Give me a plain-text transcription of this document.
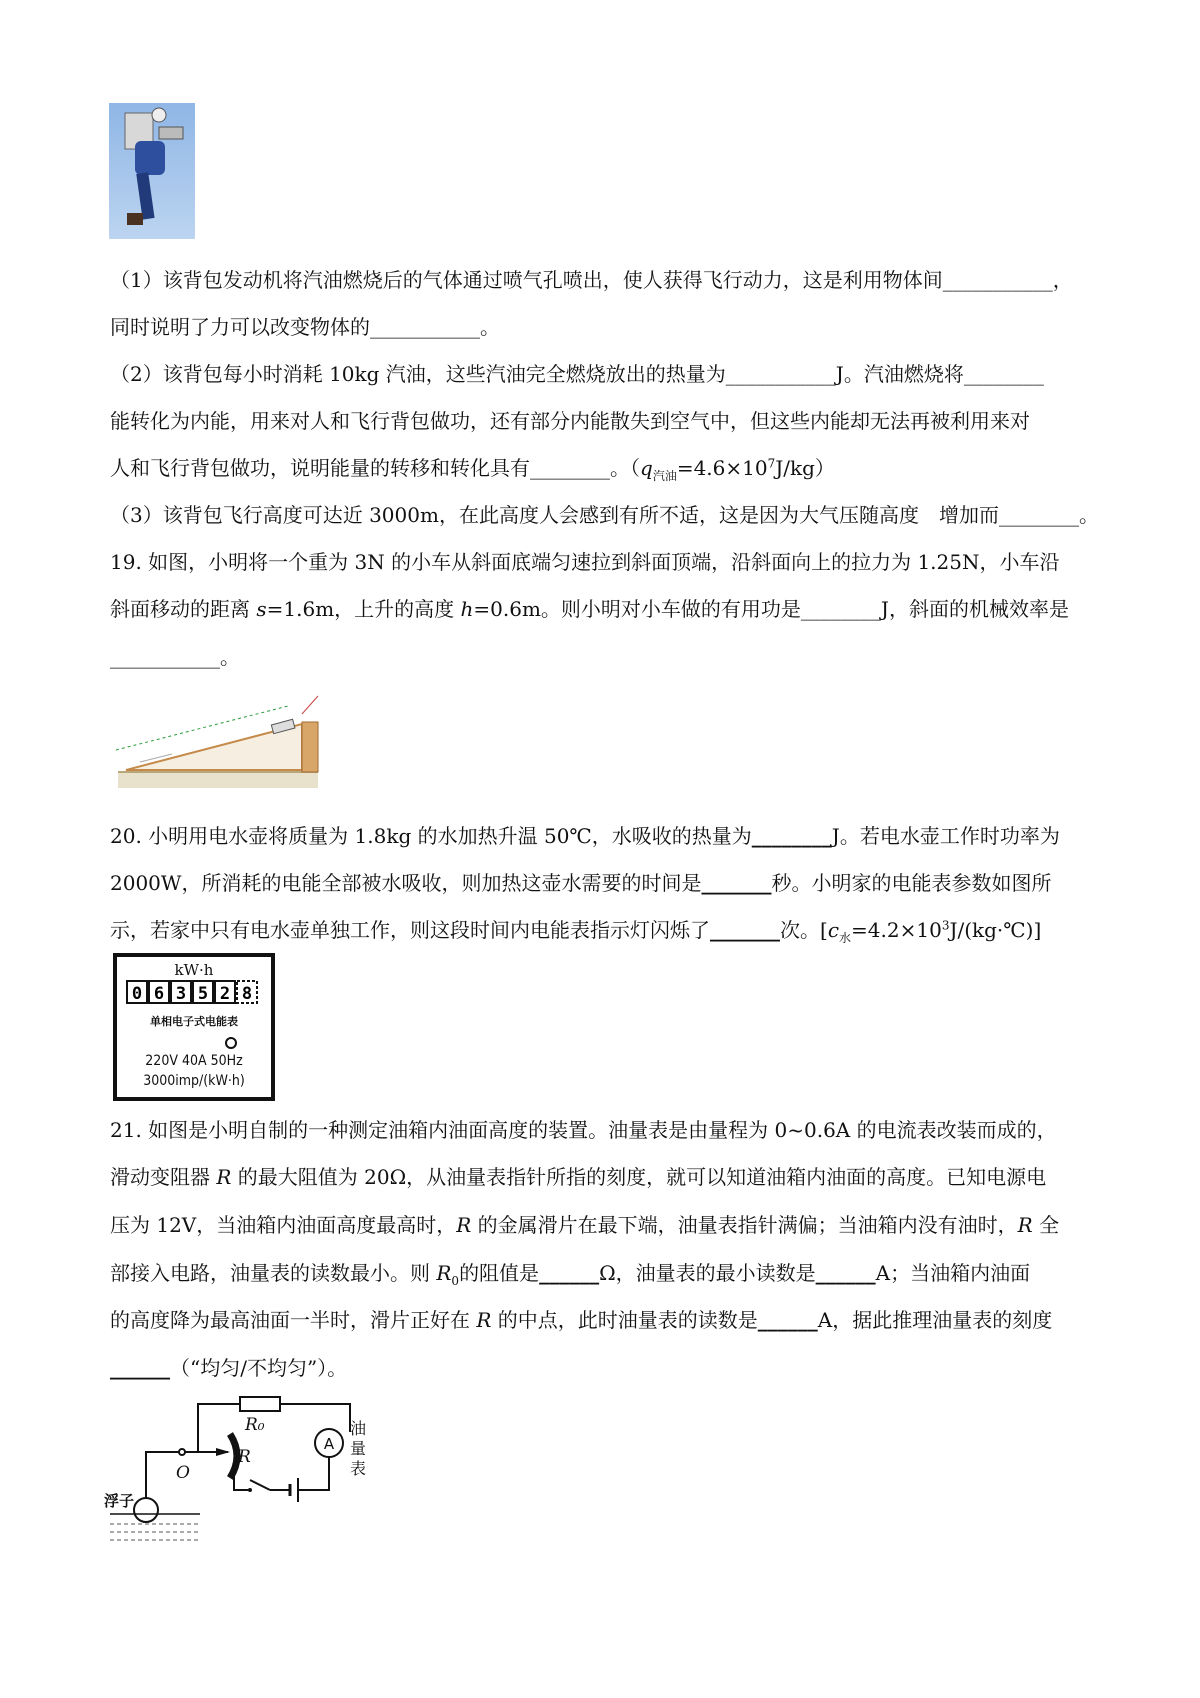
（1）该背包发动机将汽油燃烧后的气体通过喷气孔喷出，使人获得飞行动力，这是利用物体间___________，
同时说明了力可以改变物体的___________。
（2）该背包每小时消耗 10kg 汽油，这些汽油完全燃烧放出的热量为___________J。汽油燃烧将________
能转化为内能，用来对人和飞行背包做功，还有部分内能散失到空气中，但这些内能却无法再被利用来对
人和飞行背包做功，说明能量的转移和转化具有________。$(q_{汽油}=4.6\times 10^7J/kg)$
（3）该背包飞行高度可达近 3000m，在此高度人会感到有所不适，这是因为大气压随高度　增加而________。
19. 如图，小明将一个重为 3N 的小车从斜面底端匀速拉到斜面顶端，沿斜面向上的拉力为 1.25N，小车沿
斜面移动的距离 s=1.6m，上升的高度 h=0.6m。则小明对小车做的有用功是________J，斜面的机械效率是
___________。
20. 小明用电水壶将质量为 1.8kg 的水加热升温 50℃，水吸收的热量为________J。若电水壶工作时功率为
2000W，所消耗的电能全部被水吸收，则加热这壶水需要的时间是_______秒。小明家的电能表参数如图所
示，若家中只有电水壶单独工作，则这段时间内电能表指示灯闪烁了_______次。$[c_水=4.2\times 10^3J/(kg\cdot℃)]$
kW·h
0 6 3 5 2 8
单相电子式电能表
220V 40A 50Hz
3000imp/(kW·h)
21. 如图是小明自制的一种测定油箱内油面高度的装置。油量表是由量程为 0~0.6A 的电流表改装而成的，
滑动变阻器 R 的最大阻值为 20Ω，从油量表指针所指的刻度，就可以知道油箱内油面的高度。已知电源电
压为 12V，当油箱内油面高度最高时，R 的金属滑片在最下端，油量表指针满偏；当油箱内没有油时，R 全
部接入电路，油量表的读数最小。则 $R_0$的阻值是______Ω，油量表的最小读数是______A；当油箱内油面
的高度降为最高油面一半时，滑片正好在 R 的中点，此时油量表的读数是______A，据此推理油量表的刻度
______（“均匀/不均匀”）。
R₀
A
油
量
表
R
O
浮子
